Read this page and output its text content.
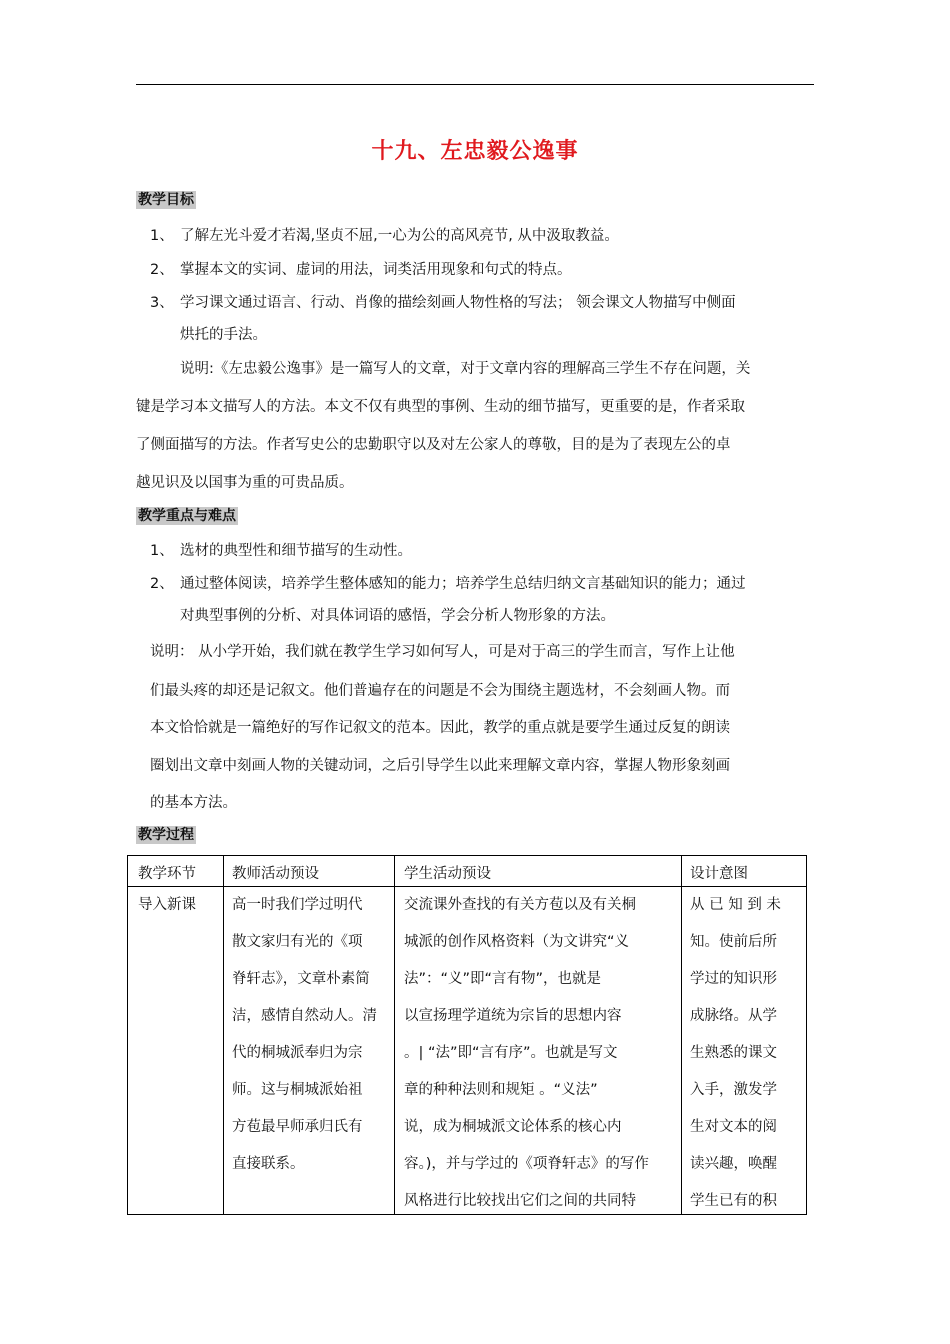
十九、左忠毅公逸事
教学目标
1、 了解左光斗爱才若渴,坚贞不屈,一心为公的高风亮节, 从中汲取教益。
2、 掌握本文的实词、虚词的用法，词类活用现象和句式的特点。
3、 学习课文通过语言、行动、肖像的描绘刻画人物性格的写法； 领会课文人物描写中侧面
烘托的手法。
说明:《左忠毅公逸事》是一篇写人的文章，对于文章内容的理解高三学生不存在问题，关
键是学习本文描写人的方法。本文不仅有典型的事例、生动的细节描写，更重要的是，作者采取
了侧面描写的方法。作者写史公的忠勤职守以及对左公家人的尊敬，目的是为了表现左公的卓
越见识及以国事为重的可贵品质。
教学重点与难点
1、 选材的典型性和细节描写的生动性。
2、 通过整体阅读，培养学生整体感知的能力；培养学生总结归纳文言基础知识的能力；通过
对典型事例的分析、对具体词语的感悟，学会分析人物形象的方法。
说明： 从小学开始，我们就在教学生学习如何写人，可是对于高三的学生而言，写作上让他
们最头疼的却还是记叙文。他们普遍存在的问题是不会为围绕主题选材，不会刻画人物。而
本文恰恰就是一篇绝好的写作记叙文的范本。因此，教学的重点就是要学生通过反复的朗读
圈划出文章中刻画人物的关键动词，之后引导学生以此来理解文章内容，掌握人物形象刻画
的基本方法。
教学过程
教学环节 教师活动预设	学生活动预设	设计意图
导入新课 高一时我们学过明代
散文家归有光的《项
脊轩志》，文章朴素简
洁，感情自然动人。清
代的桐城派奉归为宗
师。这与桐城派始祖
方苞最早师承归氏有
直接联系。
交流课外查找的有关方苞以及有关桐
城派的创作风格资料（为文讲究“义
法”：“义”即“言有物”，也就是
以宣扬理学道统为宗旨的思想内容
。| “法”即“言有序”。也就是写文
章的种种法则和规矩 。“义法”
说，成为桐城派文论体系的核心内
容。)，并与学过的《项脊轩志》的写作
风格进行比较找出它们之间的共同特
从 已 知 到 未
知。使前后所
学过的知识形
成脉络。从学
生熟悉的课文
入手，激发学
生对文本的阅
读兴趣，唤醒
学生已有的积
